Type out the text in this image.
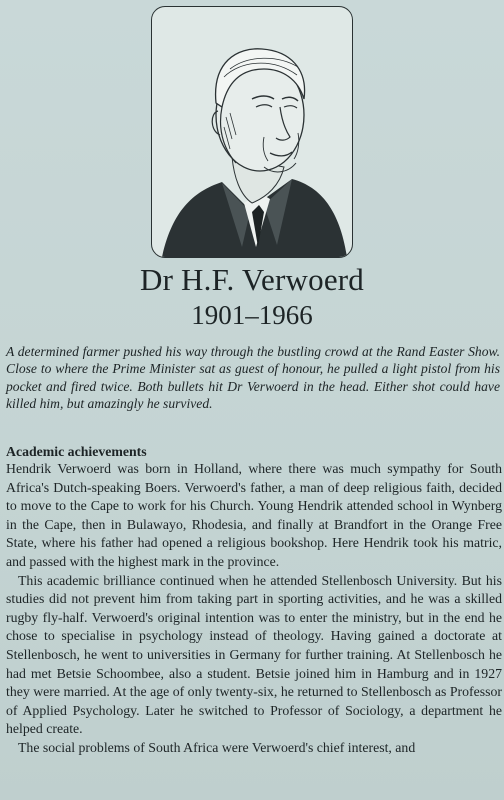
Dr H.F. Verwoerd
1901–1966

A determined farmer pushed his way through the bustling crowd at the Rand Easter Show. Close to where the Prime Minister sat as guest of honour, he pulled a light pistol from his pocket and fired twice. Both bullets hit Dr Verwoerd in the head. Either shot could have killed him, but amazingly he survived.

Academic achievements

Hendrik Verwoerd was born in Holland, where there was much sympathy for South Africa's Dutch-speaking Boers. Verwoerd's father, a man of deep religious faith, decided to move to the Cape to work for his Church. Young Hendrik attended school in Wynberg in the Cape, then in Bulawayo, Rhodesia, and finally at Brandfort in the Orange Free State, where his father had opened a religious bookshop. Here Hendrik took his matric, and passed with the highest mark in the province.

This academic brilliance continued when he attended Stellenbosch University. But his studies did not prevent him from taking part in sporting activities, and he was a skilled rugby fly-half. Verwoerd's original intention was to enter the ministry, but in the end he chose to specialise in psychology instead of theology. Having gained a doctorate at Stellenbosch, he went to universities in Germany for further training. At Stellenbosch he had met Betsie Schoombee, also a student. Betsie joined him in Hamburg and in 1927 they were married. At the age of only twenty-six, he returned to Stellenbosch as Professor of Applied Psychology. Later he switched to Professor of Sociology, a department he helped create.

The social problems of South Africa were Verwoerd's chief interest, and
